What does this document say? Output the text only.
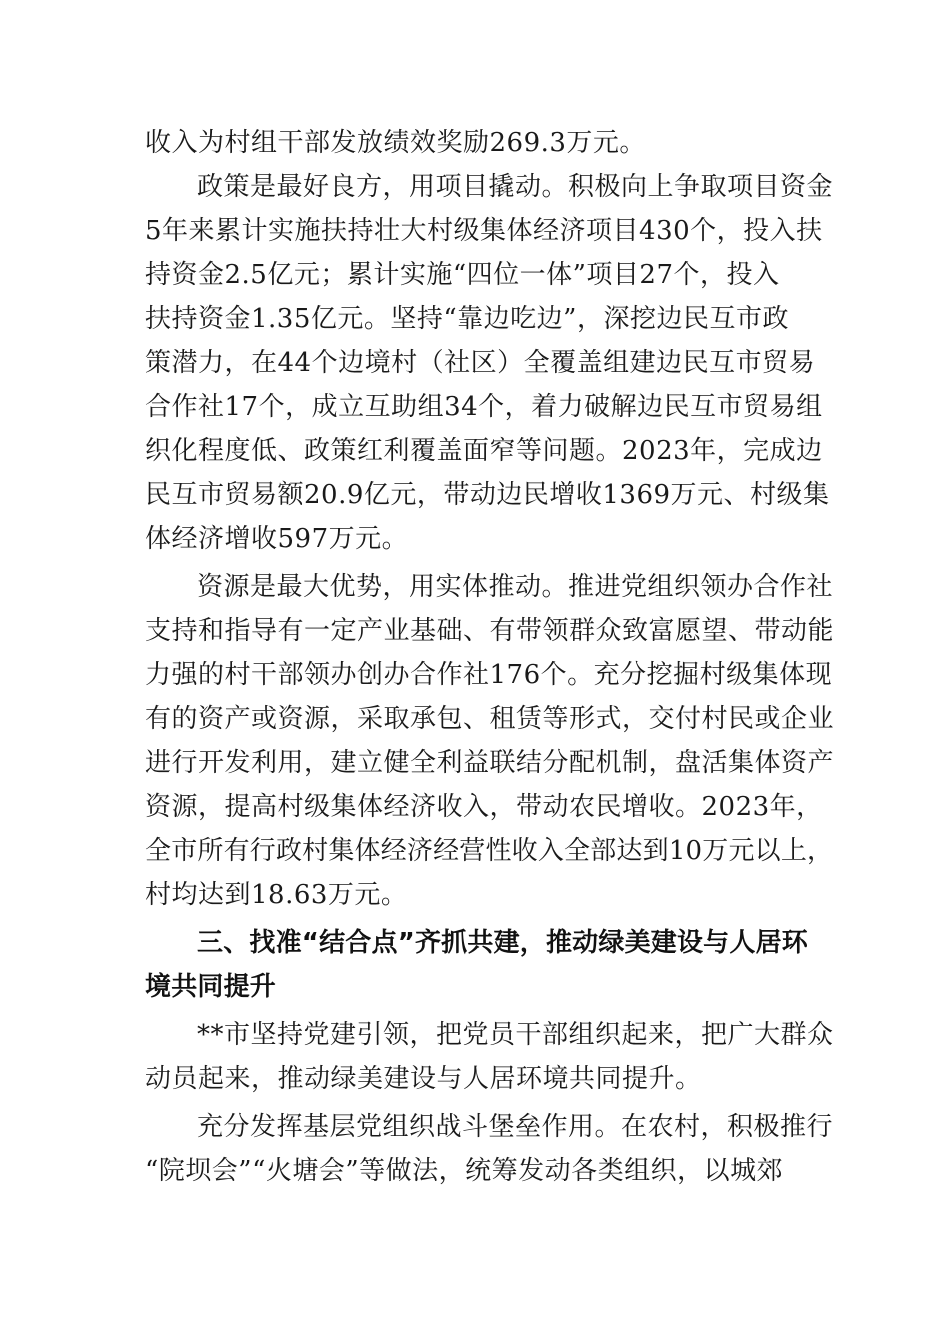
收入为村组干部发放绩效奖励269.3万元。
政策是最好良方，用项目撬动。积极向上争取项目资金
5年来累计实施扶持壮大村级集体经济项目430个，投入扶
持资金2.5亿元；累计实施“四位一体”项目27个，投入
扶持资金1.35亿元。坚持“靠边吃边”，深挖边民互市政
策潜力，在44个边境村（社区）全覆盖组建边民互市贸易
合作社17个，成立互助组34个，着力破解边民互市贸易组
织化程度低、政策红利覆盖面窄等问题。2023年，完成边
民互市贸易额20.9亿元，带动边民增收1369万元、村级集
体经济增收597万元。
资源是最大优势，用实体推动。推进党组织领办合作社
支持和指导有一定产业基础、有带领群众致富愿望、带动能
力强的村干部领办创办合作社176个。充分挖掘村级集体现
有的资产或资源，采取承包、租赁等形式，交付村民或企业
进行开发利用，建立健全利益联结分配机制，盘活集体资产
资源，提高村级集体经济收入，带动农民增收。2023年，
全市所有行政村集体经济经营性收入全部达到10万元以上，
村均达到18.63万元。
三、找准“结合点”齐抓共建，推动绿美建设与人居环
境共同提升
**市坚持党建引领，把党员干部组织起来，把广大群众
动员起来，推动绿美建设与人居环境共同提升。
充分发挥基层党组织战斗堡垒作用。在农村，积极推行
“院坝会”“火塘会”等做法，统筹发动各类组织，以城郊
